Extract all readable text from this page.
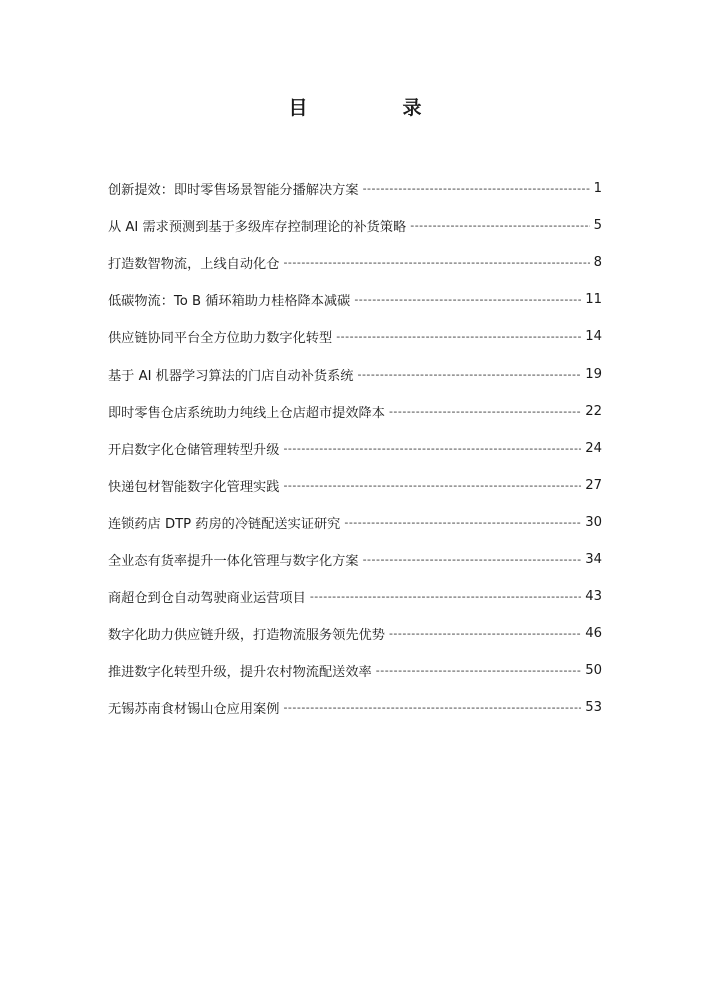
目　录
创新提效：即时零售场景智能分播解决方案 -----	1
从 AI 需求预测到基于多级库存控制理论的补货策略 -----	5
打造数智物流，上线自动化仓 -----	8
低碳物流：To B 循环箱助力桂格降本减碳 -----	11
供应链协同平台全方位助力数字化转型 -----	14
基于 AI 机器学习算法的门店自动补货系统 -----	19
即时零售仓店系统助力纯线上仓店超市提效降本 -----	22
开启数字化仓储管理转型升级 -----	24
快递包材智能数字化管理实践 -----	27
连锁药店 DTP 药房的冷链配送实证研究 -----	30
全业态有货率提升一体化管理与数字化方案 -----	34
商超仓到仓自动驾驶商业运营项目 -----	43
数字化助力供应链升级，打造物流服务领先优势 -----	46
推进数字化转型升级，提升农村物流配送效率 -----	50
无锡苏南食材锡山仓应用案例 -----	53
